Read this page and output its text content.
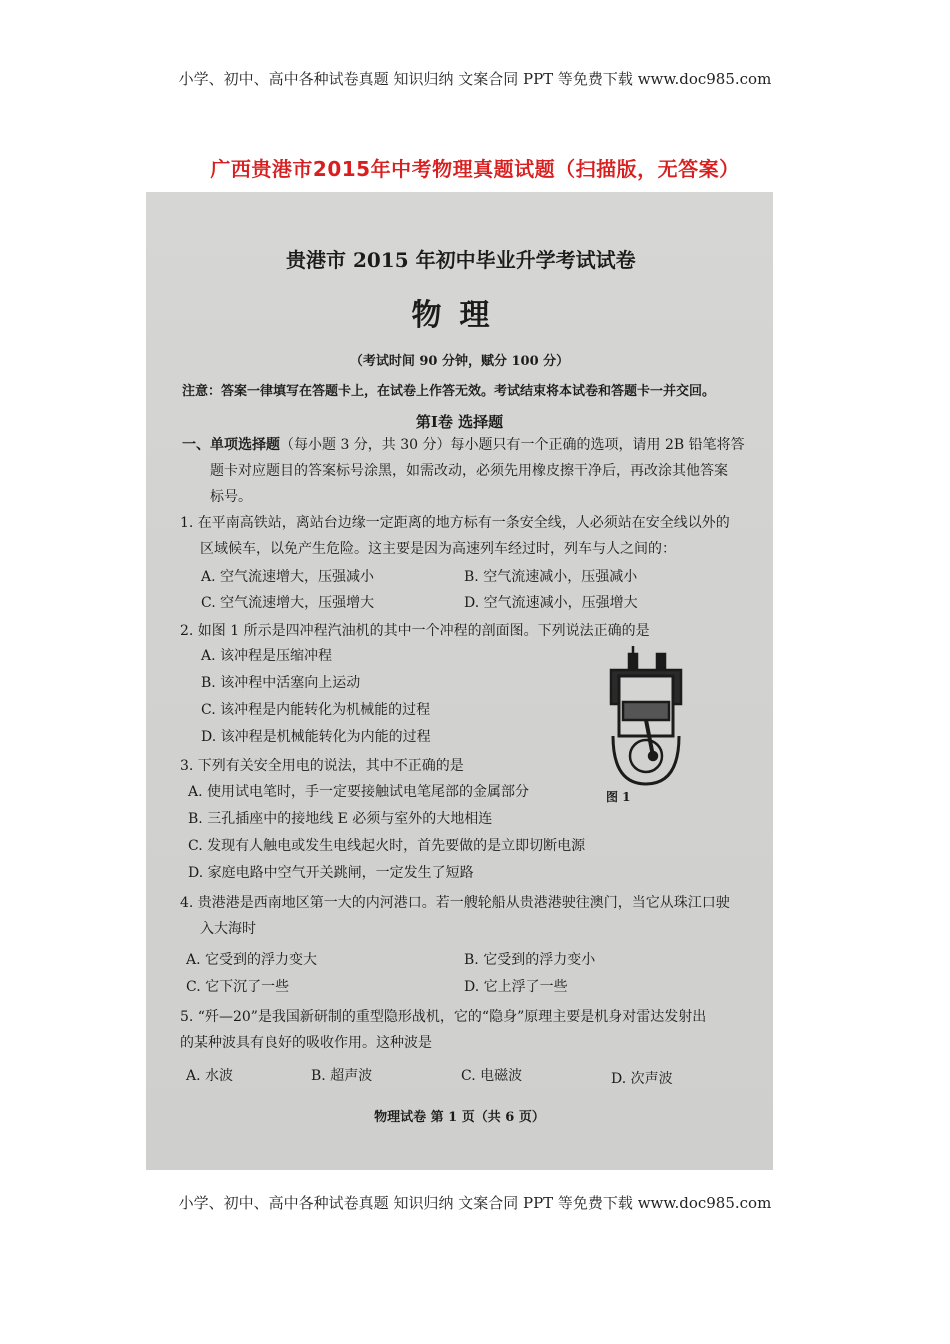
小学、初中、高中各种试卷真题 知识归纳 文案合同 PPT 等免费下载 www.doc985.com
广西贵港市2015年中考物理真题试题（扫描版，无答案）
贵港市 2015 年初中毕业升学考试试卷
物理
（考试时间 90 分钟，赋分 100 分）
注意：答案一律填写在答题卡上，在试卷上作答无效。考试结束将本试卷和答题卡一并交回。
第Ⅰ卷 选择题
一、单项选择题（每小题 3 分，共 30 分）每小题只有一个正确的选项，请用 2B 铅笔将答
题卡对应题目的答案标号涂黑，如需改动，必须先用橡皮擦干净后，再改涂其他答案
标号。
1. 在平南高铁站，离站台边缘一定距离的地方标有一条安全线，人必须站在安全线以外的
区域候车，以免产生危险。这主要是因为高速列车经过时，列车与人之间的：
A. 空气流速增大，压强减小	B. 空气流速减小，压强减小
C. 空气流速增大，压强增大	D. 空气流速减小，压强增大
2. 如图 1 所示是四冲程汽油机的其中一个冲程的剖面图。下列说法正确的是
A. 该冲程是压缩冲程
B. 该冲程中活塞向上运动
C. 该冲程是内能转化为机械能的过程
D. 该冲程是机械能转化为内能的过程
图 1
3. 下列有关安全用电的说法，其中不正确的是
A. 使用试电笔时，手一定要接触试电笔尾部的金属部分
B. 三孔插座中的接地线 E 必须与室外的大地相连
C. 发现有人触电或发生电线起火时，首先要做的是立即切断电源
D. 家庭电路中空气开关跳闸，一定发生了短路
4. 贵港港是西南地区第一大的内河港口。若一艘轮船从贵港港驶往澳门，当它从珠江口驶
入大海时
A. 它受到的浮力变大	B. 它受到的浮力变小
C. 它下沉了一些	D. 它上浮了一些
5. “歼—20”是我国新研制的重型隐形战机，它的“隐身”原理主要是机身对雷达发射出
的某种波具有良好的吸收作用。这种波是
A. 水波	B. 超声波	C. 电磁波	D. 次声波
物理试卷 第 1 页（共 6 页）
小学、初中、高中各种试卷真题 知识归纳 文案合同 PPT 等免费下载 www.doc985.com
